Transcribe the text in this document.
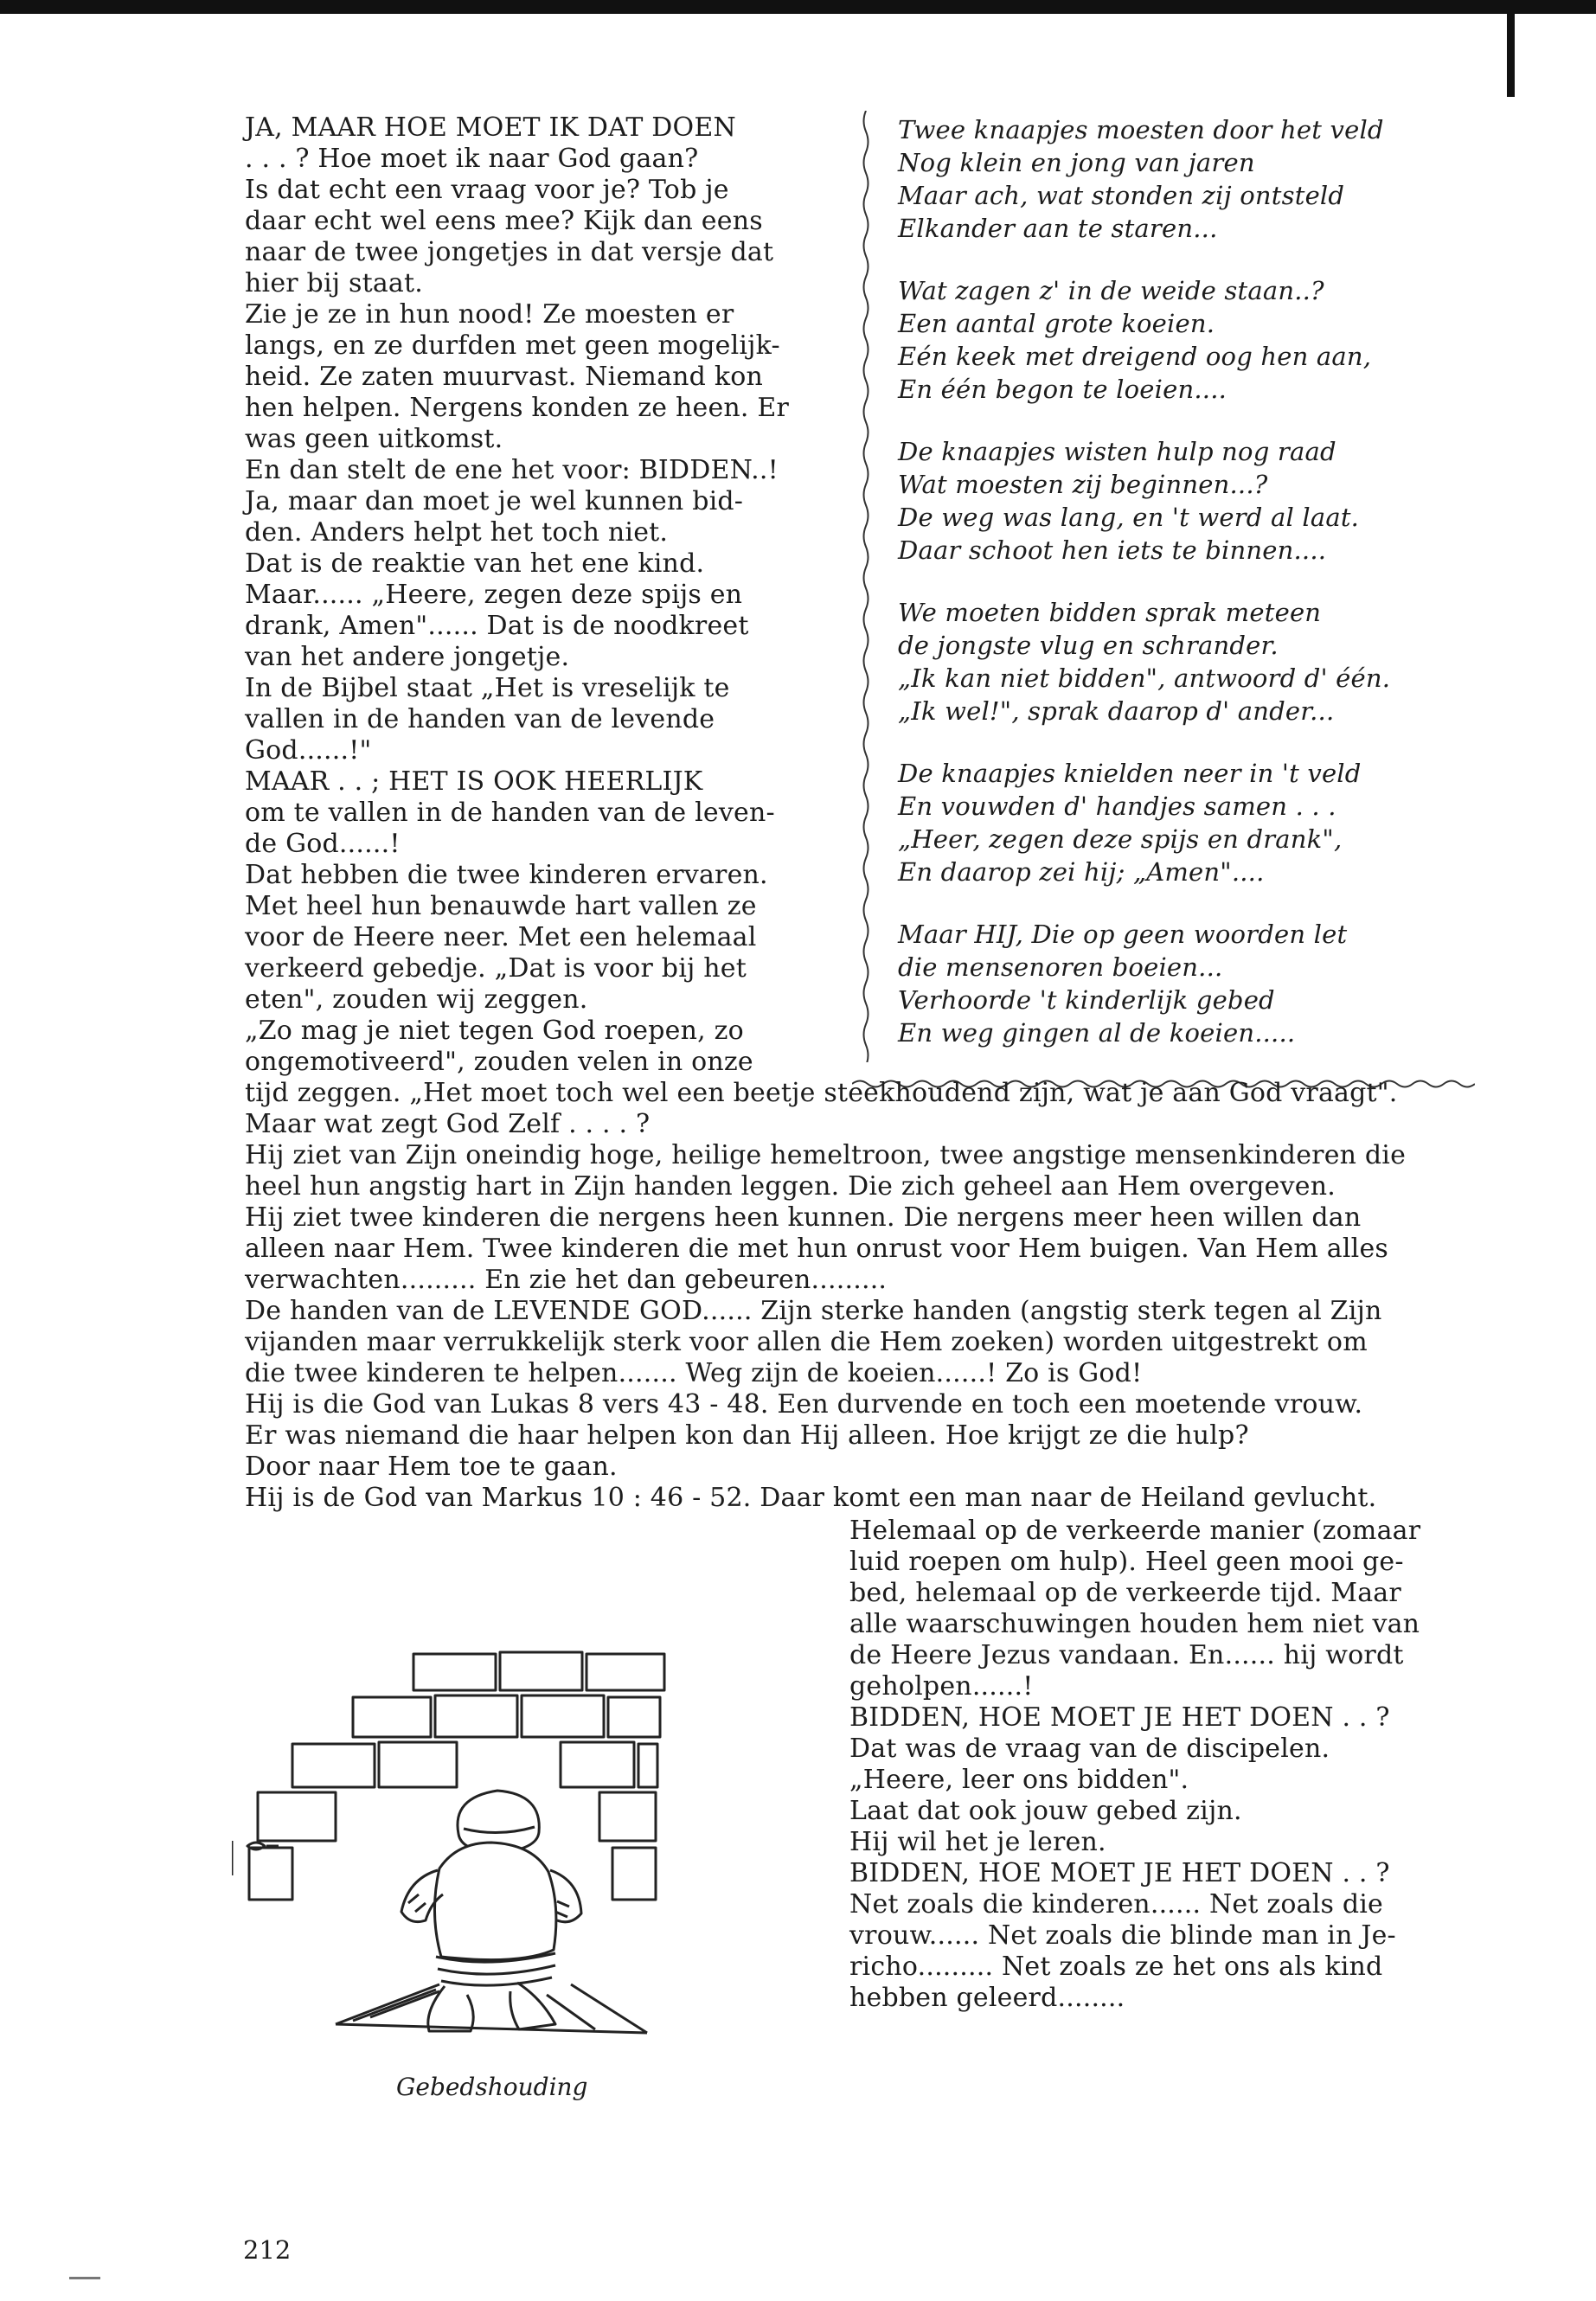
JA, MAAR HOE MOET IK DAT DOEN
. . . ? Hoe moet ik naar God gaan?
Is dat echt een vraag voor je? Tob je
daar echt wel eens mee? Kijk dan eens
naar de twee jongetjes in dat versje dat
hier bij staat.
Zie je ze in hun nood! Ze moesten er
langs, en ze durfden met geen mogelijk-
heid. Ze zaten muurvast. Niemand kon
hen helpen. Nergens konden ze heen. Er
was geen uitkomst.
En dan stelt de ene het voor: BIDDEN..!
Ja, maar dan moet je wel kunnen bid-
den. Anders helpt het toch niet.
Dat is de reaktie van het ene kind.
Maar...... „Heere, zegen deze spijs en
drank, Amen"...... Dat is de noodkreet
van het andere jongetje.
In de Bijbel staat „Het is vreselijk te
vallen in de handen van de levende
God......!"
MAAR . . ; HET IS OOK HEERLIJK
om te vallen in de handen van de leven-
de God......!
Dat hebben die twee kinderen ervaren.
Met heel hun benauwde hart vallen ze
voor de Heere neer. Met een helemaal
verkeerd gebedje. „Dat is voor bij het
eten", zouden wij zeggen.
„Zo mag je niet tegen God roepen, zo
ongemotiveerd", zouden velen in onze
Twee knaapjes moesten door het veld
Nog klein en jong van jaren
Maar ach, wat stonden zij ontsteld
Elkander aan te staren...
Wat zagen z' in de weide staan..?
Een aantal grote koeien.
Eén keek met dreigend oog hen aan,
En één begon te loeien....
De knaapjes wisten hulp nog raad
Wat moesten zij beginnen...?
De weg was lang, en 't werd al laat.
Daar schoot hen iets te binnen....
We moeten bidden sprak meteen
de jongste vlug en schrander.
„Ik kan niet bidden", antwoord d' één.
„Ik wel!", sprak daarop d' ander...
De knaapjes knielden neer in 't veld
En vouwden d' handjes samen . . .
„Heer, zegen deze spijs en drank",
En daarop zei hij; „Amen"....
Maar HIJ, Die op geen woorden let
die mensenoren boeien...
Verhoorde 't kinderlijk gebed
En weg gingen al de koeien.....
tijd zeggen. „Het moet toch wel een beetje steekhoudend zijn, wat je aan God vraagt".
Maar wat zegt God Zelf . . . . ?
Hij ziet van Zijn oneindig hoge, heilige hemeltroon, twee angstige mensenkinderen die
heel hun angstig hart in Zijn handen leggen. Die zich geheel aan Hem overgeven.
Hij ziet twee kinderen die nergens heen kunnen. Die nergens meer heen willen dan
alleen naar Hem. Twee kinderen die met hun onrust voor Hem buigen. Van Hem alles
verwachten......... En zie het dan gebeuren.........
De handen van de LEVENDE GOD...... Zijn sterke handen (angstig sterk tegen al Zijn
vijanden maar verrukkelijk sterk voor allen die Hem zoeken) worden uitgestrekt om
die twee kinderen te helpen....... Weg zijn de koeien......! Zo is God!
Hij is die God van Lukas 8 vers 43 - 48. Een durvende en toch een moetende vrouw.
Er was niemand die haar helpen kon dan Hij alleen. Hoe krijgt ze die hulp?
Door naar Hem toe te gaan.
Hij is de God van Markus 10 : 46 - 52. Daar komt een man naar de Heiland gevlucht.
Helemaal op de verkeerde manier (zomaar
luid roepen om hulp). Heel geen mooi ge-
bed, helemaal op de verkeerde tijd. Maar
alle waarschuwingen houden hem niet van
de Heere Jezus vandaan. En...... hij wordt
geholpen......!
BIDDEN, HOE MOET JE HET DOEN . . ?
Dat was de vraag van de discipelen.
„Heere, leer ons bidden".
Laat dat ook jouw gebed zijn.
Hij wil het je leren.
BIDDEN, HOE MOET JE HET DOEN . . ?
Net zoals die kinderen...... Net zoals die
vrouw...... Net zoals die blinde man in Je-
richo......... Net zoals ze het ons als kind
hebben geleerd........
Gebedshouding
212
